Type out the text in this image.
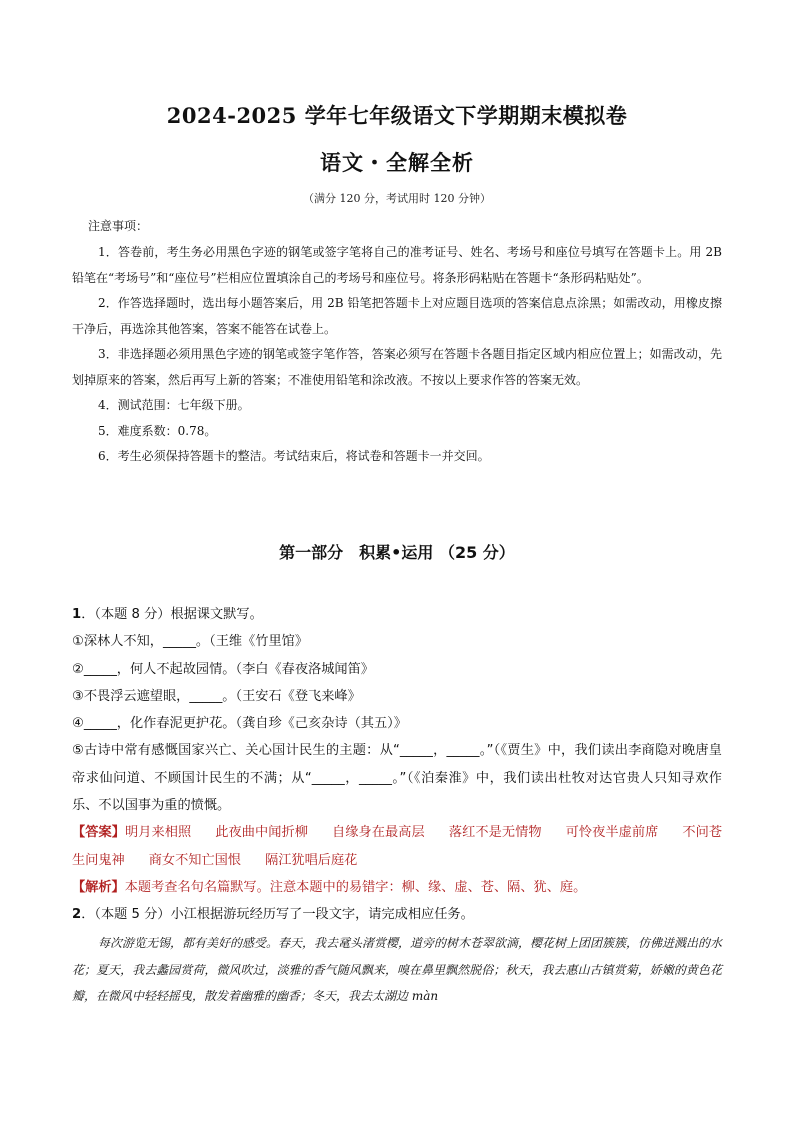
2024-2025 学年七年级语文下学期期末模拟卷
语文・全解全析
（满分 120 分，考试用时 120 分钟）
注意事项：

1．答卷前，考生务必用黑色字迹的钢笔或签字笔将自己的准考证号、姓名、考场号和座位号填写在答题卡上。用 2B 铅笔在“考场号”和“座位号”栏相应位置填涂自己的考场号和座位号。将条形码粘贴在答题卡“条形码粘贴处”。

2．作答选择题时，选出每小题答案后，用 2B 铅笔把答题卡上对应题目选项的答案信息点涂黑；如需改动，用橡皮擦干净后，再选涂其他答案，答案不能答在试卷上。

3．非选择题必须用黑色字迹的钢笔或签字笔作答，答案必须写在答题卡各题目指定区域内相应位置上；如需改动，先划掉原来的答案，然后再写上新的答案；不准使用铅笔和涂改液。不按以上要求作答的答案无效。

4．测试范围：七年级下册。

5．难度系数：0.78。

6．考生必须保持答题卡的整洁。考试结束后，将试卷和答题卡一并交回。

第一部分　积累•运用 （25 分）

1．（本题 8 分）根据课文默写。

①深林人不知，_____。（王维《竹里馆》

②_____，何人不起故园情。（李白《春夜洛城闻笛》

③不畏浮云遮望眼，_____。（王安石《登飞来峰》

④_____，化作春泥更护花。（龚自珍《己亥杂诗（其五）》

⑤古诗中常有感慨国家兴亡、关心国计民生的主题：从“_____，_____。”（《贾生》中，我们读出李商隐对晚唐皇帝求仙问道、不顾国计民生的不满；从“_____，_____。”（《泊秦淮》中，我们读出杜牧对达官贵人只知寻欢作乐、不以国事为重的愤慨。

【答案】明月来相照 此夜曲中闻折柳 自缘身在最高层 落红不是无情物 可怜夜半虚前席 不问苍生问鬼神 商女不知亡国恨 隔江犹唱后庭花

【解析】本题考查名句名篇默写。注意本题中的易错字：柳、缘、虚、苍、隔、犹、庭。

2．（本题 5 分）小江根据游玩经历写了一段文字，请完成相应任务。

每次游览无锡，都有美好的感受。春天，我去鼋头渚赏樱，道旁的树木苍翠欲滴，樱花树上团团簇簇，仿佛迸溅出的水花；夏天，我去蠡园赏荷，微风吹过，淡雅的香气随风飘来，嗅在鼻里飘然脱俗；秋天，我去惠山古镇赏菊，娇嫩的黄色花瓣，在微风中轻轻摇曳，散发着幽雅的幽香；冬天，我去太湖边 màn
